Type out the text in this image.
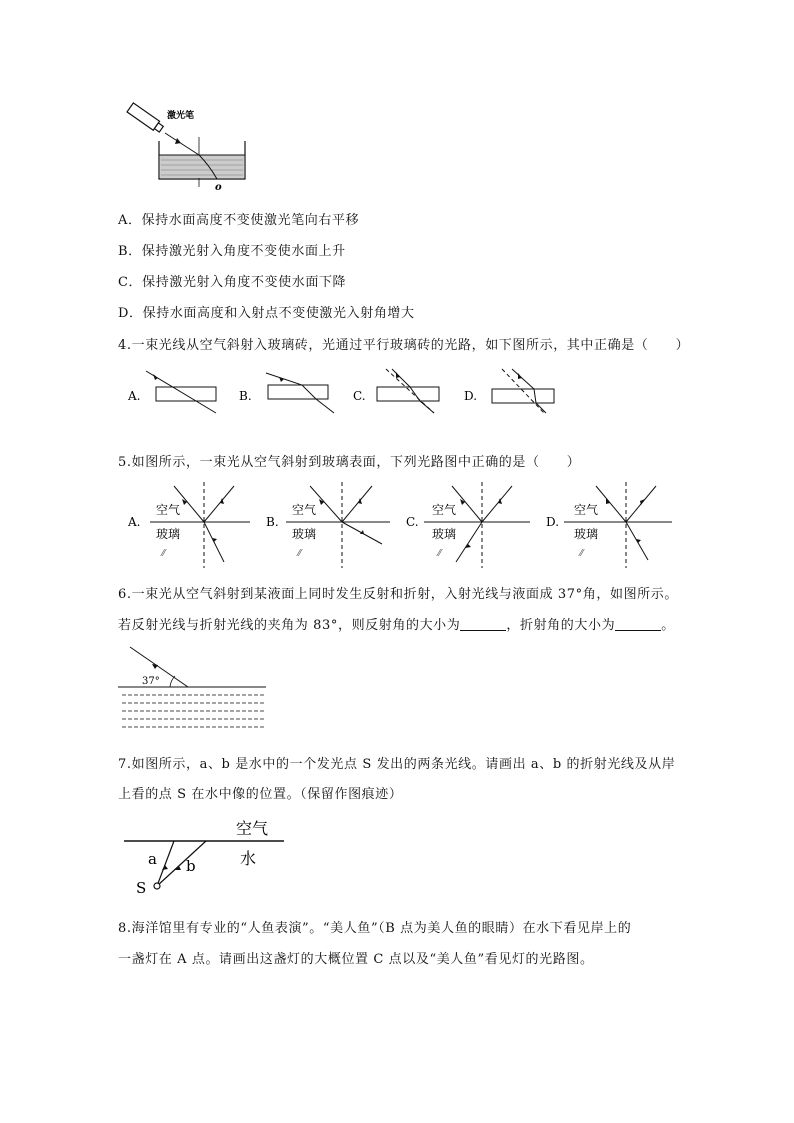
激光笔
o
A．保持水面高度不变使激光笔向右平移
B．保持激光射入角度不变使水面上升
C．保持激光射入角度不变使水面下降
D．保持水面高度和入射点不变使激光入射角增大
4.一束光线从空气斜射入玻璃砖，光通过平行玻璃砖的光路，如下图所示，其中正确是（　　）
A.	B.	C.	D.
5.如图所示，一束光从空气斜射到玻璃表面，下列光路图中正确的是（　　）
A.
空气
玻璃
⁄⁄
B.
空气
玻璃
⁄⁄
C.
空气
玻璃
⁄⁄
D.
空气
玻璃
⁄⁄
6.一束光从空气斜射到某液面上同时发生反射和折射，入射光线与液面成 37°角，如图所示。
若反射光线与折射光线的夹角为 83°，则反射角的大小为	，折射角的大小为	。
37°
7.如图所示，a、b 是水中的一个发光点 S 发出的两条光线。请画出 a、b 的折射光线及从岸
上看的点 S 在水中像的位置。（保留作图痕迹）
空气
水
a b
S
8.海洋馆里有专业的“人鱼表演”。“美人鱼”（B 点为美人鱼的眼睛）在水下看见岸上的
一盏灯在 A 点。请画出这盏灯的大概位置 C 点以及“美人鱼”看见灯的光路图。
